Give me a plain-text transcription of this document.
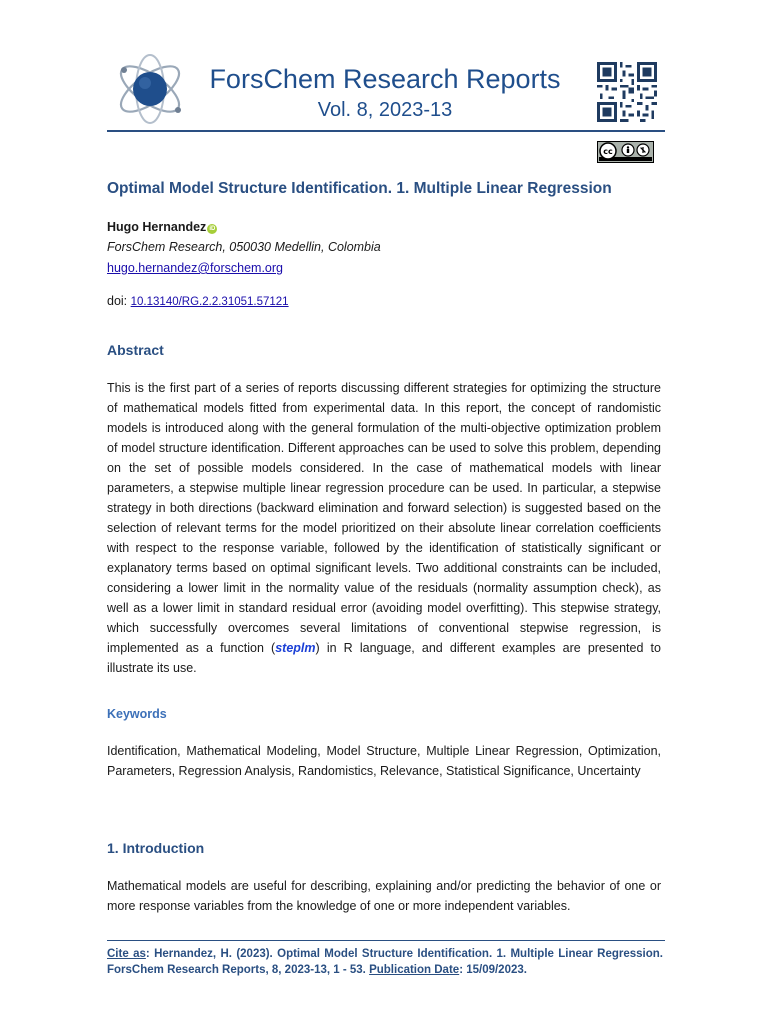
ForsChem Research Reports
Vol. 8, 2023-13
cc
Optimal Model Structure Identification. 1. Multiple Linear Regression
Hugo Hernandez iD
ForsChem Research, 050030 Medellin, Colombia
hugo.hernandez@forschem.org
doi: 10.13140/RG.2.2.31051.57121
Abstract
This is the first part of a series of reports discussing different strategies for optimizing the structure of mathematical models fitted from experimental data. In this report, the concept of randomistic models is introduced along with the general formulation of the multi-objective optimization problem of model structure identification. Different approaches can be used to solve this problem, depending on the set of possible models considered. In the case of mathematical models with linear parameters, a stepwise multiple linear regression procedure can be used. In particular, a stepwise strategy in both directions (backward elimination and forward selection) is suggested based on the selection of relevant terms for the model prioritized on their absolute linear correlation coefficients with respect to the response variable, followed by the identification of statistically significant or explanatory terms based on optimal significant levels. Two additional constraints can be included, considering a lower limit in the normality value of the residuals (normality assumption check), as well as a lower limit in standard residual error (avoiding model overfitting). This stepwise strategy, which successfully overcomes several limitations of conventional stepwise regression, is implemented as a function (steplm) in R language, and different examples are presented to illustrate its use.
Keywords
Identification, Mathematical Modeling, Model Structure, Multiple Linear Regression, Optimization, Parameters, Regression Analysis, Randomistics, Relevance, Statistical Significance, Uncertainty
1. Introduction
Mathematical models are useful for describing, explaining and/or predicting the behavior of one or more response variables from the knowledge of one or more independent variables.
Cite as: Hernandez, H. (2023). Optimal Model Structure Identification. 1. Multiple Linear Regression. ForsChem Research Reports, 8, 2023-13, 1 - 53. Publication Date: 15/09/2023.
